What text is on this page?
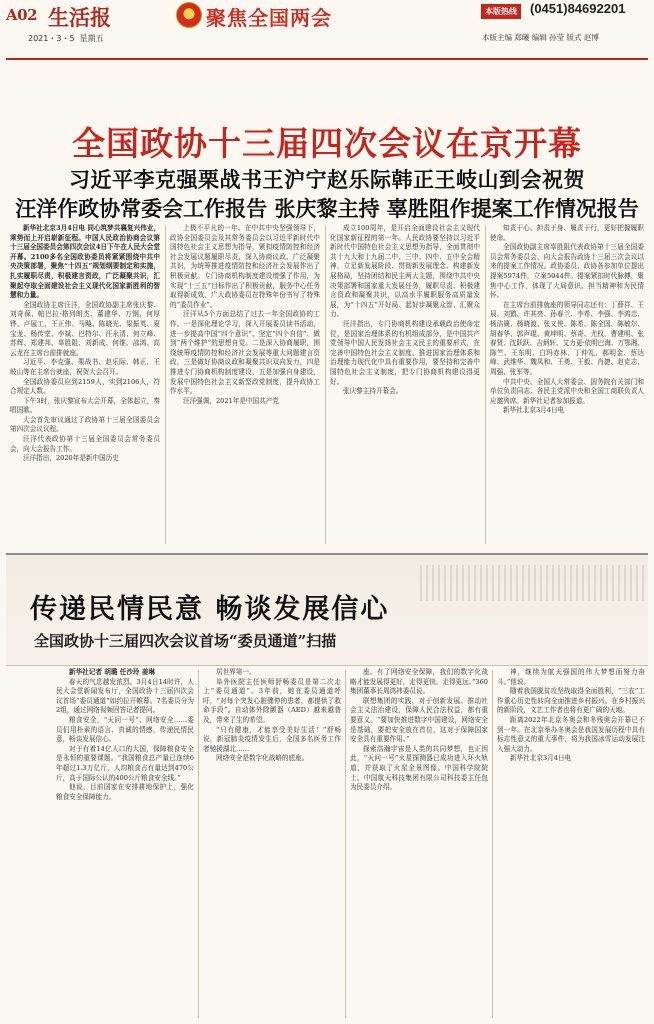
A02 生活报
2021・3・5 星期五
聚焦全国两会	本版热线	(0451)84692201
本版主编 郑曦 编辑 孙莹 版式 赵博
全国政协十三届四次会议在京开幕
习近平李克强栗战书王沪宁赵乐际韩正王岐山到会祝贺
汪洋作政协常委会工作报告 张庆黎主持 辜胜阻作提案工作情况报告

新华社北京3月4日电 同心筑梦共襄复兴伟业，乘势而上开启崭新征程。中国人民政治协商会议第十三届全国委员会第四次会议4日下午在人民大会堂开幕。2100多名全国政协委员将紧紧围绕中共中央决策部署，聚焦“十四五”规划纲要制定和实施，扎实履职尽责，积极建言资政，广泛凝聚共识，汇聚起夺取全面建设社会主义现代化国家新胜利的智慧和力量。

全国政协主席汪洋，全国政协副主席张庆黎、刘奇葆、帕巴拉·格列朗杰、董建华、万钢、何厚铧、卢展工、王正伟、马飚、陈晓光、梁振英、夏宝龙、杨传堂、李斌、巴特尔、汪永清、何立峰、苏辉、郑建邦、辜胜阻、刘新成、何维、邵鸿、高云龙在主席台前排就座。

习近平、李克强、栗战书、赵乐际、韩正、王岐山等在主席台就座，祝贺大会召开。

全国政协委员应到2159人，实到2106人，符合规定人数。

下午3时，张庆黎宣布大会开幕，全体起立，奏唱国歌。

大会首先审议通过了政协第十三届全国委员会第四次会议议程。

汪洋代表政协第十三届全国委员会常务委员会，向大会报告工作。

汪洋指出，2020年是新中国历史

上极不平凡的一年。在中共中央坚强领导下，政协全国委员会及其常务委员会以习近平新时代中国特色社会主义思想为指导，紧扣疫情防控和经济社会发展议题履职尽责，深入协商议政、广泛凝聚共识，为统筹推进疫情防控和经济社会发展作出了积极贡献。专门协商机构制度建设增强了作用，为实现“十三五”目标作出了积极贡献，服务中心任务取得新成效，广大政协委员在特殊年份书写了特殊的“委员作业”。

汪洋从5个方面总结了过去一年全国政协的工作。一是深化理论学习，深入开展委员读书活动，进一步提高中国“四个意识”、坚定“四个自信”、做到“两个维护”的思想自觉。二是深入协商履职，围绕统筹疫情防控和经济社会发展等重大问题建言资政，三是做好协商议政和凝聚共识双向发力，四是推进专门协商机构制度建设，五是加强自身建设，发展中国特色社会主义新型政党制度，提升政协工作水平。

汪洋强调，2021年是中国共产党

成立100周年，是开启全面建设社会主义现代化国家新征程的第一年。人民政协要坚持以习近平新时代中国特色社会主义思想为指导，全面贯彻中共十九大和十九届二中、三中、四中、五中全会精神，立足新发展阶段、贯彻新发展理念、构建新发展格局，坚持团结和民主两大主题，围绕中共中央决策部署和国家重大发展任务，履职尽责、积极建言资政和凝聚共识，以高水平履职服务高质量发展，为“十四五”开好局、起好步凝聚众智、汇聚众力。

汪洋指出，专门协商机构建设承载政治使命定位，是国家治理体系的有机组成部分，是中国共产党领导中国人民发扬社会主义民主的重要形式，在完善中国特色社会主义制度、推进国家治理体系和治理能力现代化中具有重要作用，要坚持和完善中国特色社会主义制度，把专门协商机构建设得更好。

张庆黎主持开幕会。

知责于心、担责于身、履责于行，更好把握履职使命。

全国政协副主席辜胜阻代表政协第十三届全国委员会常务委员会，向大会报告政协十三届三次会议以来的提案工作情况。政协委员、政协各参加单位提出提案5974件，立案5044件。提案紧扣时代脉搏，聚焦中心工作，体现了大局意识、担当精神和为民情怀。

在主席台前排就座的领导同志还有：丁薛祥、王晨、刘鹤、许其亮、孙春兰、李希、李强、李鸿忠、杨洁篪、杨晓渡、张又侠、陈希、陈全国、陈敏尔、胡春华、郭声琨、黄坤明、蔡奇、尤权、曹建明、张春贤、沈跃跃、吉炳轩、艾力更·依明巴海、万鄂湘、陈竺、王东明、白玛赤林、丁仲礼、郝明金、蔡达峰、武维华、魏凤和、王勇、王毅、肖捷、赵克志、周强、张军等。

中共中央、全国人大常委会、国务院有关部门和单位负责同志、各民主党派中央和全国工商联负责人应邀列席。新华社记者参加报道。

新华社北京3月4日电

传递民情民意 畅谈发展信心
全国政协十三届四次会议首场“委员通道”扫描

新华社记者 胡璐 任沙玲 姜琳

春天的气息越发浓烈。3月4日14时许，人民大会堂新闻发布厅，全国政协十三届四次会议首场“委员通道”如约拉开帷幕。7名委员分为2组，通过网络视频回答记者提问。

粮食安全，“天问一号”、网络安全……委员们用朴素的语言、真诚的情感，传递民情民意，畅谈发展信心。

对于有着14亿人口的大国，保障粮食安全是永恒的重要课题。“我国粮食总产量已连续6年超过1.3万亿斤，人均粮食占有量达到470公斤，高于国际公认的400公斤粮食安全线。”

他说，目前国家在安排耕地保护上，强化粮食安全保障能力。

居世界第一。

阜外医院主任医师舒畅委员是第二次走上“委员通道”。3年前，她在委员通道呼吁，“对每个突发心脏骤停的患者，都提供了救命手段”。自动体外除颤器（AED）越来越普及，带来了生的希望。

“只有健康，才能享受美好生活！”舒畅说，新冠肺炎疫情发生后，全国多名医务工作者驰援湖北……

网络安全是数字化战略的底座。

座。有了网络安全保障，我们的数字化战略才能发展得更好，走得更快、走得更远。”360集团董事长周鸿祎委员说。

联想集团的实践，对于创新发展、推动社会主义法治建设，保障人民合法权益，都有重要意义。“要加快推进数字中国建设，网络安全是基础，要把安全放在首位，这对于保障国家安全具有重要作用。”

探索浩瀚宇宙是人类的共同梦想，也正因此，“天问一号”火星探测器已成功进入环火轨道，并获取了火星全景图像。中国科学院院士、中国航天科技集团有限公司科技委主任包为民委员介绍。

神，继续为航天强国的伟大梦想而努力奋斗。”他说。

随着我国脱贫攻坚战取得全面胜利，“三农”工作重心历史性转向全面推进乡村振兴。在乡村振兴的新阶段，文艺工作者也将有更广阔的天地。

距离2022年北京冬奥会和冬残奥会开幕已不到一年。在北京举办冬奥会是我国发展历程中具有标志性意义的重大事件，将为我国冰雪运动发展注入强大动力。

新华社北京3月4日电
